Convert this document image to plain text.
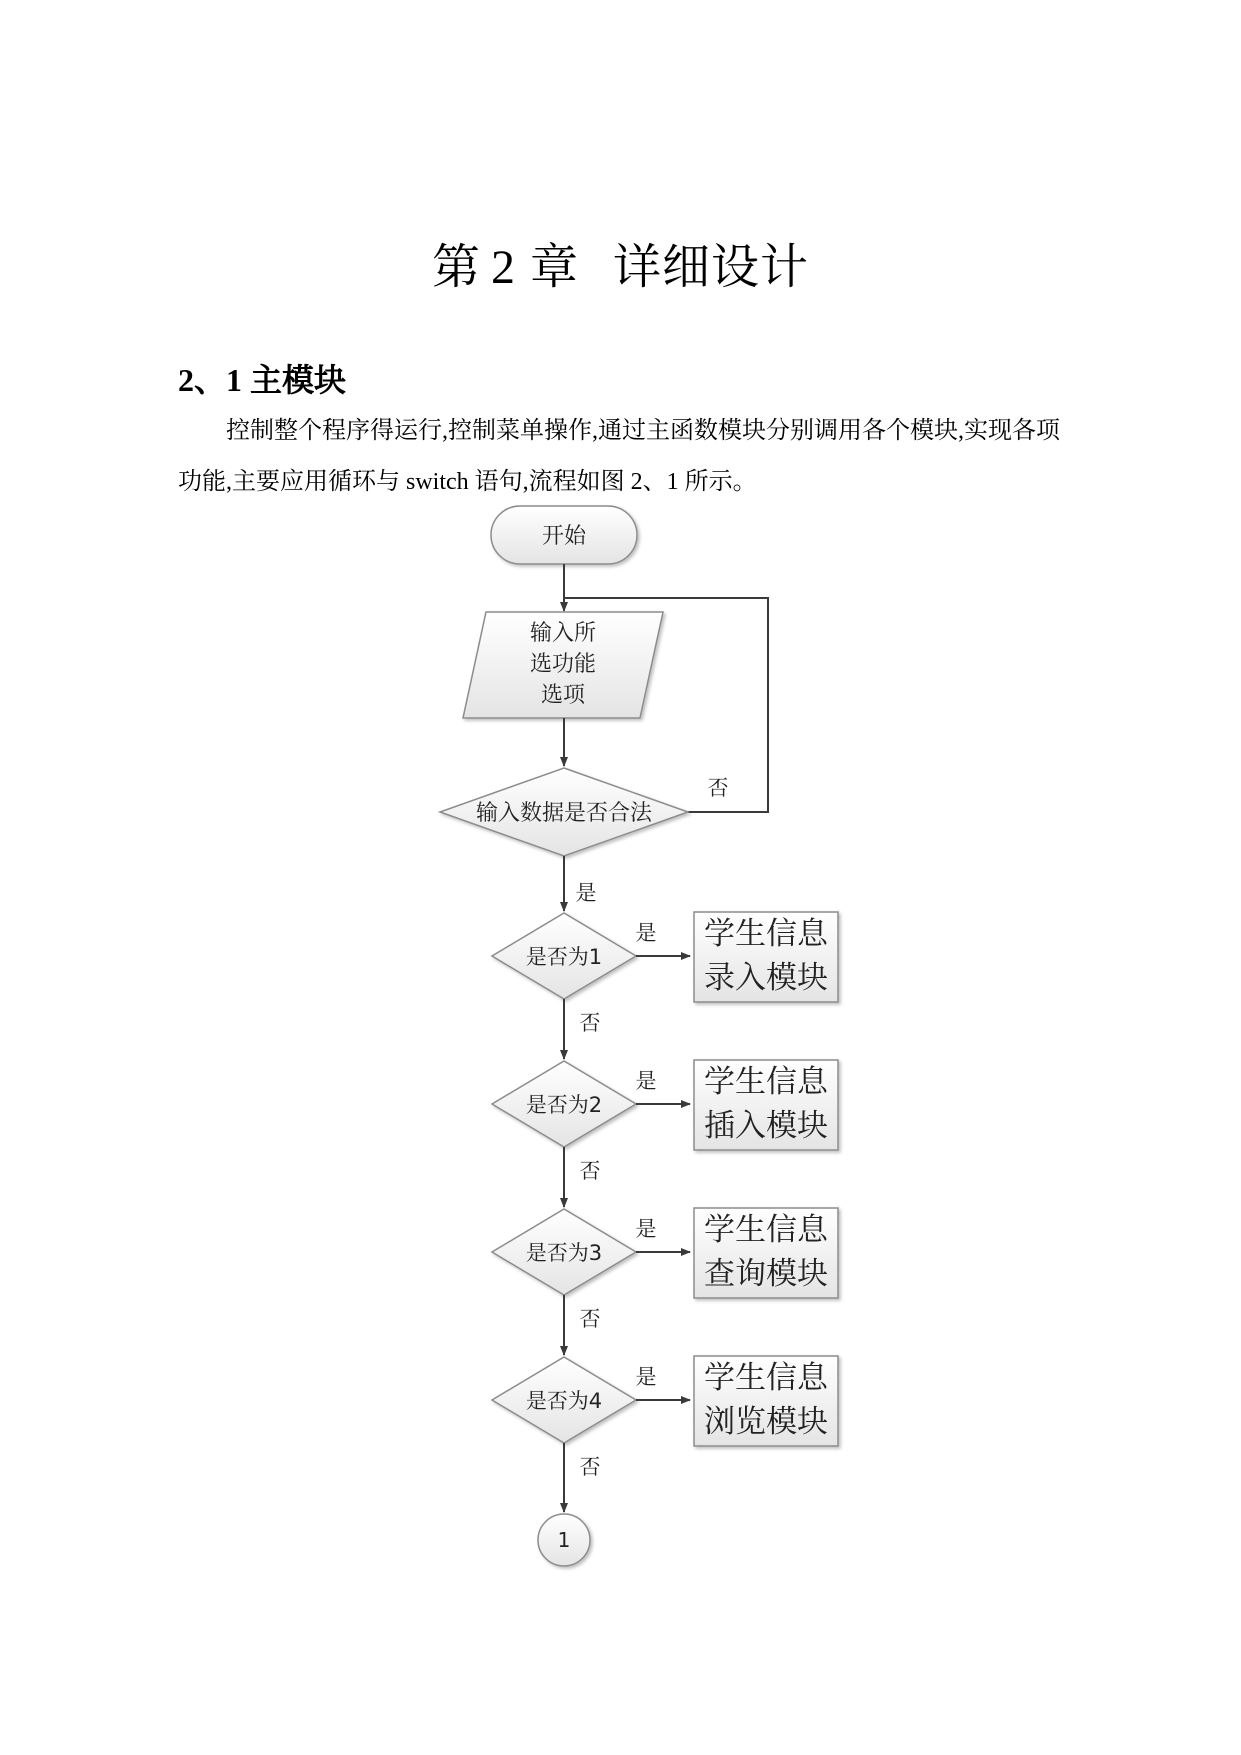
第 2 章 详细设计
2、1 主模块
控制整个程序得运行,控制菜单操作,通过主函数模块分别调用各个模块,实现各项功能,主要应用循环与 switch 语句,流程如图 2、1 所示。
开始
输入所
选功能
选项
输入数据是否合法
否
是
是否为1
是 学生信息
录入模块
否
是否为2
是 学生信息
插入模块
否
是否为3
是 学生信息
查询模块
否
是否为4
是 学生信息
浏览模块
否
1
